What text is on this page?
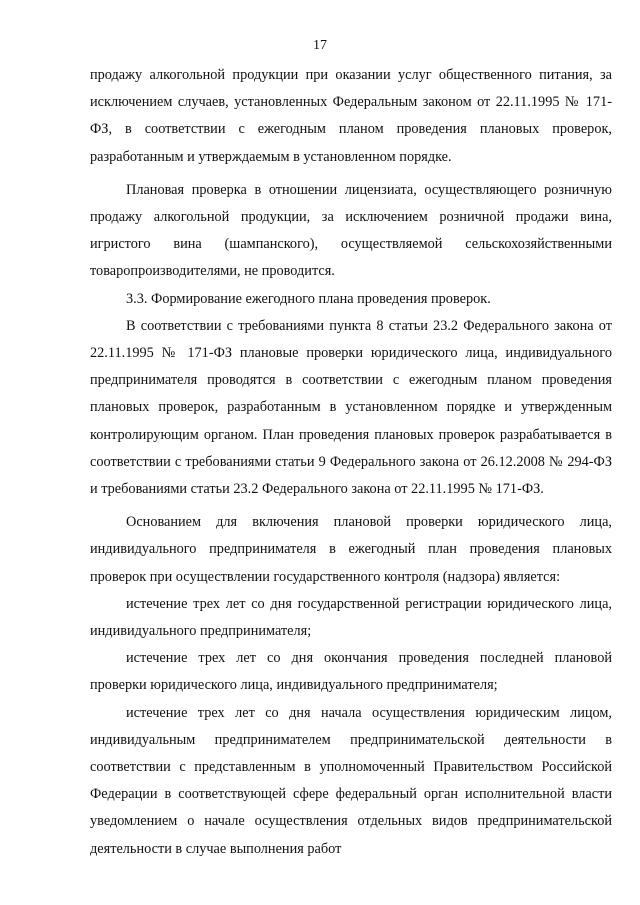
17

продажу алкогольной продукции при оказании услуг общественного питания, за исключением случаев, установленных Федеральным законом от 22.11.1995 № 171-ФЗ, в соответствии с ежегодным планом проведения плановых проверок, разработанным и утверждаемым в установленном порядке.

Плановая проверка в отношении лицензиата, осуществляющего розничную продажу алкогольной продукции, за исключением розничной продажи вина, игристого вина (шампанского), осуществляемой сельскохозяйственными товаропроизводителями, не проводится.

3.3. Формирование ежегодного плана проведения проверок.

В соответствии с требованиями пункта 8 статьи 23.2 Федерального закона от 22.11.1995 № 171-ФЗ плановые проверки юридического лица, индивидуального предпринимателя проводятся в соответствии с ежегодным планом проведения плановых проверок, разработанным в установленном порядке и утвержденным контролирующим органом. План проведения плановых проверок разрабатывается в соответствии с требованиями статьи 9 Федерального закона от 26.12.2008 № 294-ФЗ и требованиями статьи 23.2 Федерального закона от 22.11.1995 № 171-ФЗ.

Основанием для включения плановой проверки юридического лица, индивидуального предпринимателя в ежегодный план проведения плановых проверок при осуществлении государственного контроля (надзора) является:

истечение трех лет со дня государственной регистрации юридического лица, индивидуального предпринимателя;

истечение трех лет со дня окончания проведения последней плановой проверки юридического лица, индивидуального предпринимателя;

истечение трех лет со дня начала осуществления юридическим лицом, индивидуальным предпринимателем предпринимательской деятельности в соответствии с представленным в уполномоченный Правительством Российской Федерации в соответствующей сфере федеральный орган исполнительной власти уведомлением о начале осуществления отдельных видов предпринимательской деятельности в случае выполнения работ
